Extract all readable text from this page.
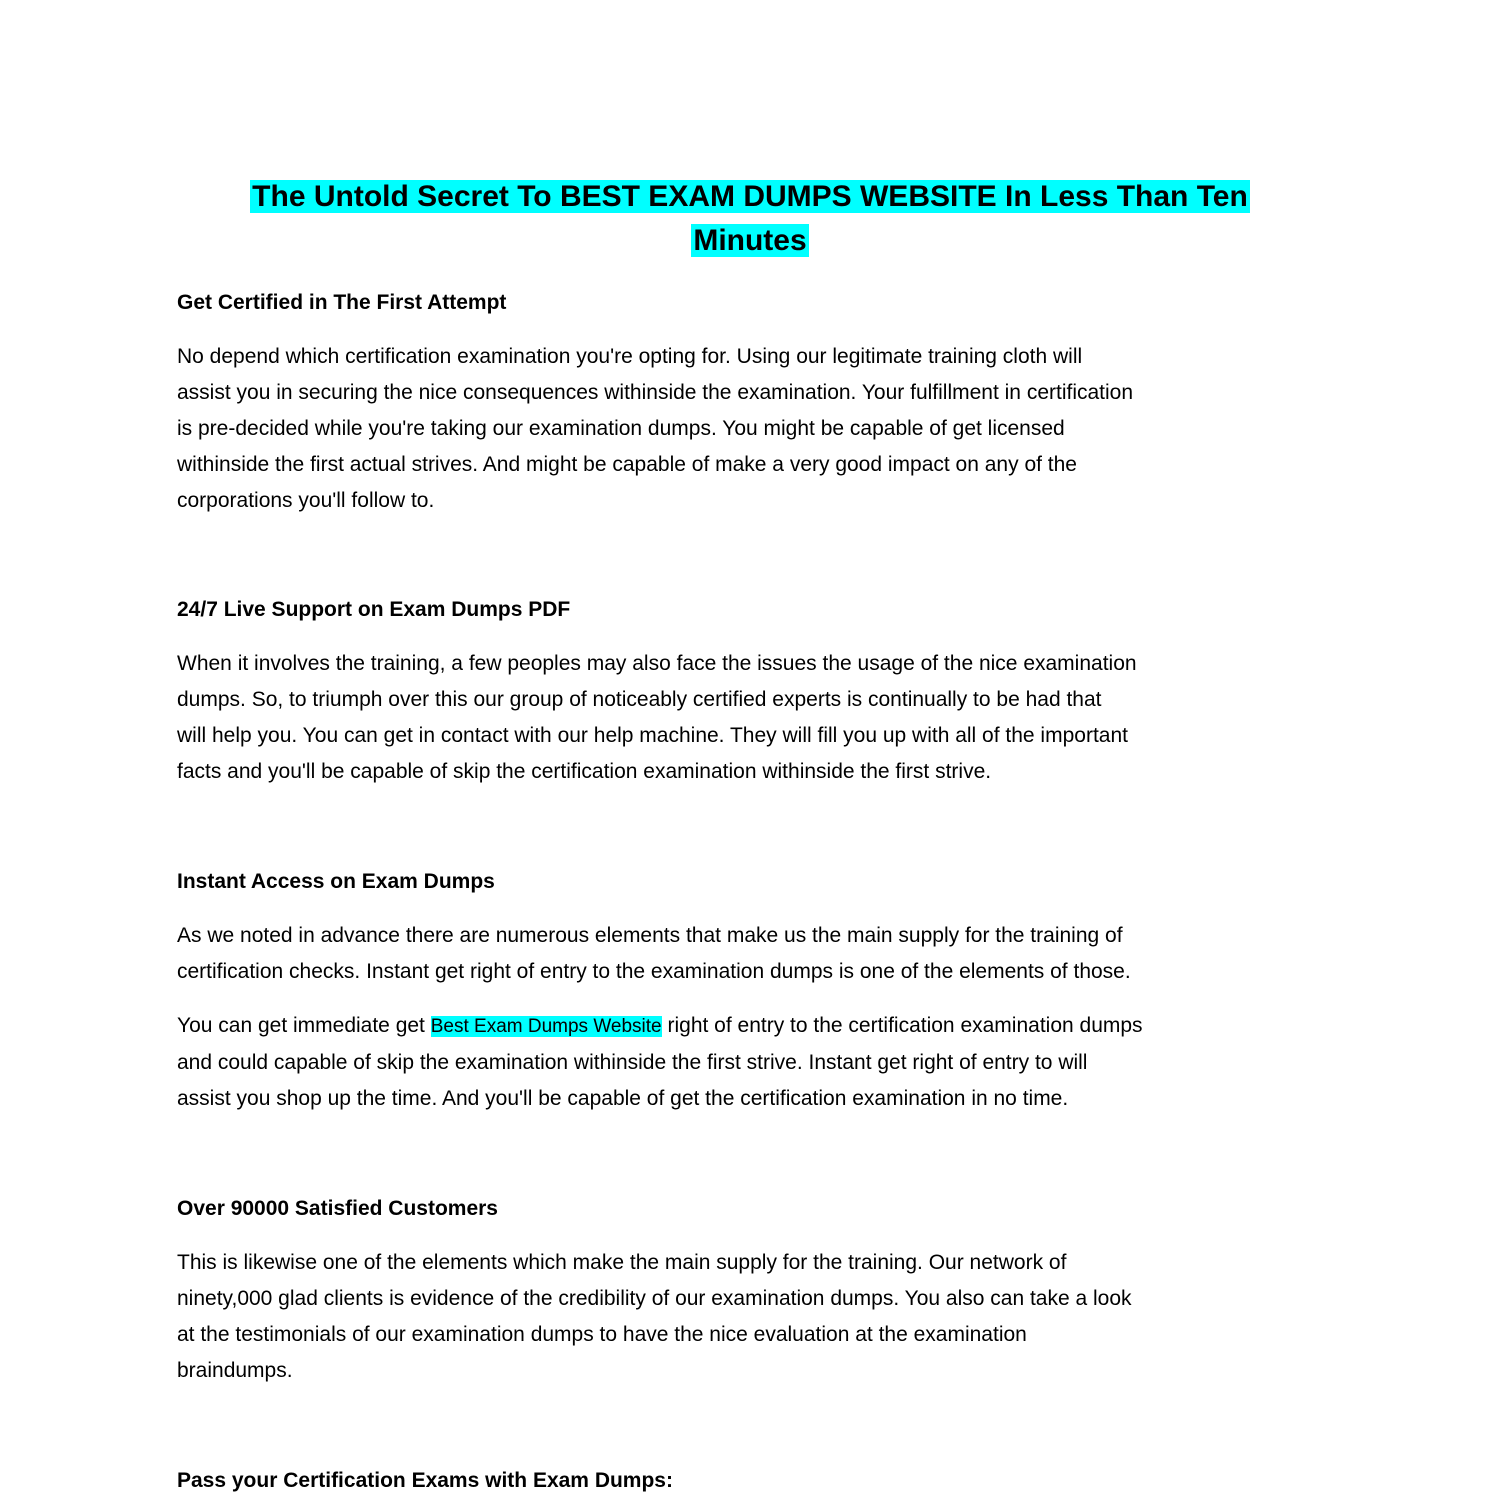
The Untold Secret To BEST EXAM DUMPS WEBSITE In Less Than Ten
Minutes

Get Certified in The First Attempt

No depend which certification examination you're opting for. Using our legitimate training cloth will
assist you in securing the nice consequences withinside the examination. Your fulfillment in certification
is pre-decided while you're taking our examination dumps. You might be capable of get licensed
withinside the first actual strives. And might be capable of make a very good impact on any of the
corporations you'll follow to.

24/7 Live Support on Exam Dumps PDF

When it involves the training, a few peoples may also face the issues the usage of the nice examination
dumps. So, to triumph over this our group of noticeably certified experts is continually to be had that
will help you. You can get in contact with our help machine. They will fill you up with all of the important
facts and you'll be capable of skip the certification examination withinside the first strive.

Instant Access on Exam Dumps

As we noted in advance there are numerous elements that make us the main supply for the training of
certification checks. Instant get right of entry to the examination dumps is one of the elements of those.

You can get immediate get Best Exam Dumps Website right of entry to the certification examination dumps
and could capable of skip the examination withinside the first strive. Instant get right of entry to will
assist you shop up the time. And you'll be capable of get the certification examination in no time.

Over 90000 Satisfied Customers

This is likewise one of the elements which make the main supply for the training. Our network of
ninety,000 glad clients is evidence of the credibility of our examination dumps. You also can take a look
at the testimonials of our examination dumps to have the nice evaluation at the examination
braindumps.

Pass your Certification Exams with Exam Dumps:
